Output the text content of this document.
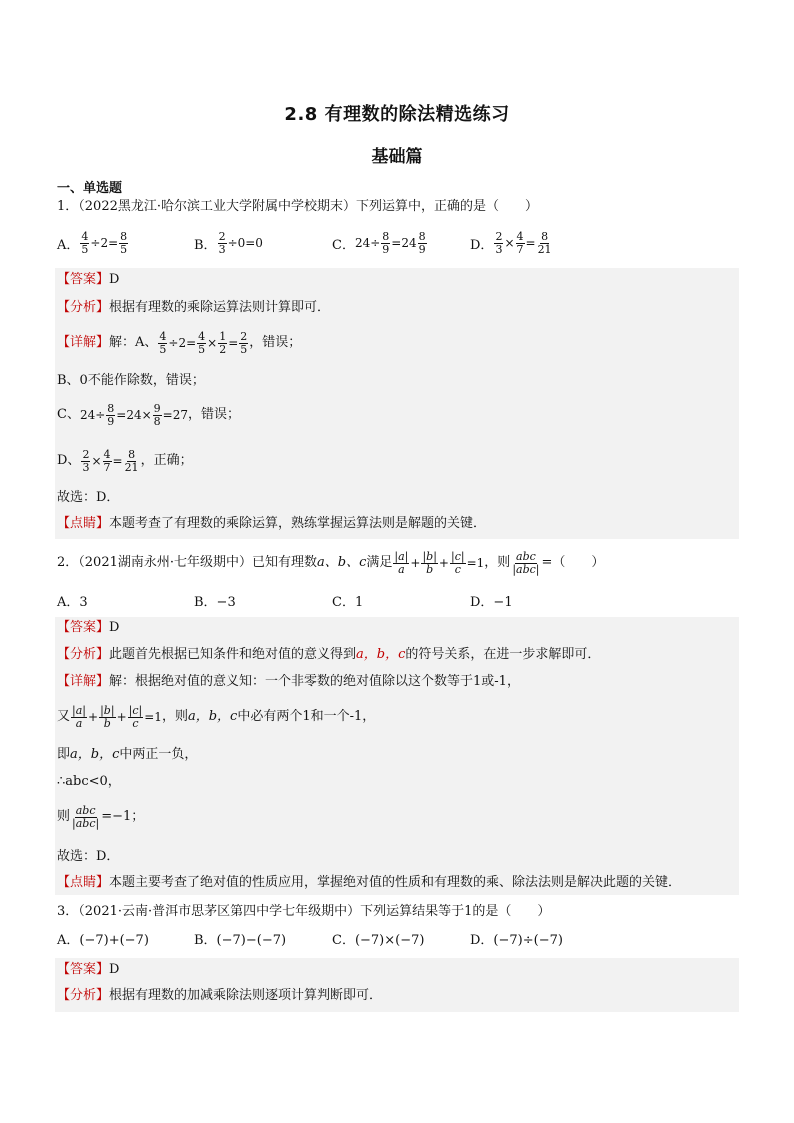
2.8 有理数的除法精选练习
基础篇
一、单选题
1．（2022黑龙江·哈尔滨工业大学附属中学校期末）下列运算中，正确的是（　　）
A． $\frac{4}{5} \div 2= \frac{8}{5}$	B． $\frac{2}{3} \div 0=0$	C． $24\div \frac{8}{9} =24 \frac{8}{9}$	D． $\frac{2}{3} \times \frac{4}{7} = \frac{8}{21}$
【答案】D
【分析】根据有理数的乘除运算法则计算即可．
【详解】 解：A、 $\frac{4}{5} \div 2= \frac{4}{5} \times \frac{1}{2} = \frac{2}{5}$ ，错误；
B、0不能作除数，错误；
C、 $24\div \frac{8}{9} =24\times \frac{9}{8} =27$ ，错误；
D、 $\frac{2}{3} \times \frac{4}{7} = \frac{8}{21}$ ，正确；
故选：D．
【点睛】本题考查了有理数的乘除运算，熟练掌握运算法则是解题的关键．
2．（2021湖南永州·七年级期中）已知有理数 a、b、c 满足 $\frac{|a|}{a} + \frac{|b|}{b} + \frac{|c|}{c} =1$ ，则 $\frac{\text{abc}}{\text{|abc|}}$ =（　　）
A．3	B．−3	C．1	D．−1
【答案】D
【分析】此题首先根据已知条件和绝对值的意义得到a，b，c的符号关系，在进一步求解即可．
【详解】解：根据绝对值的意义知：一个非零数的绝对值除以这个数等于1或-1，
又 $\frac{|a|}{a} + \frac{|b|}{b} + \frac{|c|}{c} =1$ ，则 a，b，c 中必有两个1和一个-1，
即a，b，c中两正一负，
∴abc<0，
则 $\frac{\text{abc}}{\text{|abc|}} =-1$；
故选：D．
【点睛】本题主要考查了绝对值的性质应用，掌握绝对值的性质和有理数的乘、除法法则是解决此题的关键．
3．（2021·云南·普洱市思茅区第四中学七年级期中）下列运算结果等于1的是（　　）
A．(−7)+(−7)	B．(−7)−(−7)	C．(−7)×(−7)	D．(−7)÷(−7)
【答案】D
【分析】根据有理数的加减乘除法则逐项计算判断即可．
